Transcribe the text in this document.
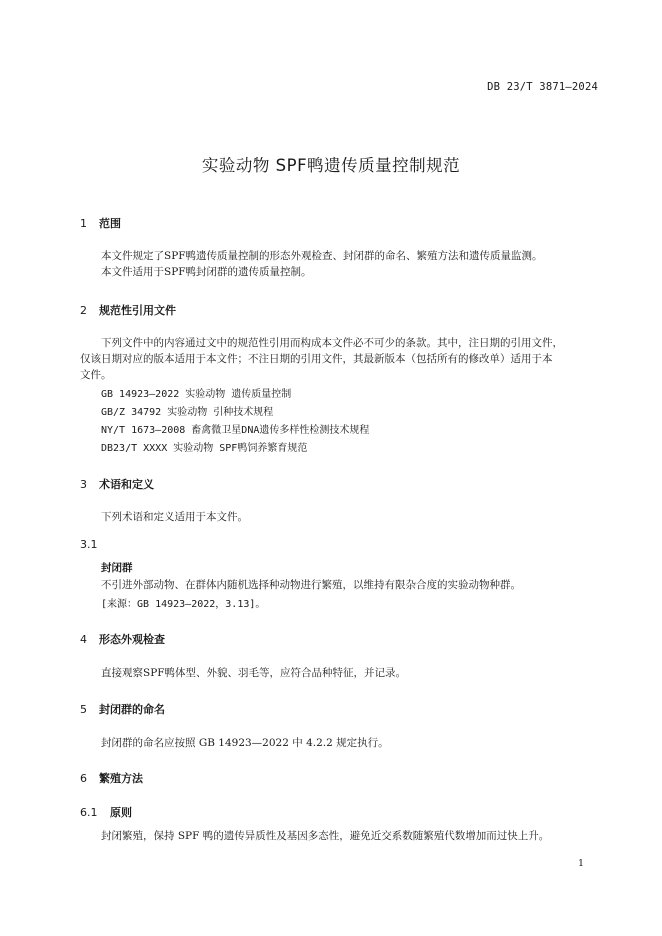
DB 23/T 3871—2024
实验动物 SPF鸭遗传质量控制规范
1 范围
本文件规定了SPF鸭遗传质量控制的形态外观检查、封闭群的命名、繁殖方法和遗传质量监测。
本文件适用于SPF鸭封闭群的遗传质量控制。
2 规范性引用文件
下列文件中的内容通过文中的规范性引用而构成本文件必不可少的条款。其中，注日期的引用文件，
仅该日期对应的版本适用于本文件；不注日期的引用文件，其最新版本（包括所有的修改单）适用于本
文件。
GB 14923—2022 实验动物 遗传质量控制
GB/Z 34792 实验动物 引种技术规程
NY/T 1673—2008 畜禽微卫星DNA遗传多样性检测技术规程
DB23/T XXXX 实验动物 SPF鸭饲养繁育规范
3 术语和定义
下列术语和定义适用于本文件。
3.1
封闭群
不引进外部动物、在群体内随机选择种动物进行繁殖，以维持有限杂合度的实验动物种群。
[来源：GB 14923—2022，3.13]。
4 形态外观检查
直接观察SPF鸭体型、外貌、羽毛等，应符合品种特征，并记录。
5 封闭群的命名
封闭群的命名应按照 GB 14923—2022 中 4.2.2 规定执行。
6 繁殖方法
6.1 原则
封闭繁殖，保持 SPF 鸭的遗传异质性及基因多态性，避免近交系数随繁殖代数增加而过快上升。
1
